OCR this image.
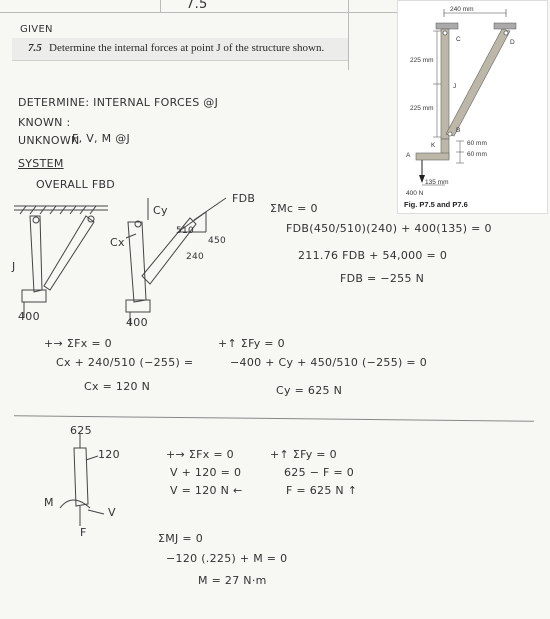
7.5
GIVEN
7.5 Determine the internal forces at point J of the structure shown.
240 mm
C	D
225 mm
J
225 mm
B
K	60 mm
60 mm
A
135 mm
400 N
Fig. P7.5 and P7.6
DETERMINE: INTERNAL FORCES @J
KNOWN :
UNKNOWN
F, V, M @J
SYSTEM
OVERALL FBD
J
400
Cy
Cx
FDB
510
450
240
400
ΣMc = 0
FDB(450/510)(240) + 400(135) = 0
211.76 FDB + 54,000 = 0
FDB = −255 N
+→ ΣFx = 0
Cx + 240/510 (−255) =
Cx = 120 N
+↑ ΣFy = 0
−400 + Cy + 450/510 (−255) = 0
Cy = 625 N
625
120
M
V
F
+→ ΣFx = 0
V + 120 = 0
V = 120 N ←
+↑ ΣFy = 0
625 − F = 0
F = 625 N ↑
ΣMJ = 0
−120 (.225) + M = 0
M = 27 N·m
